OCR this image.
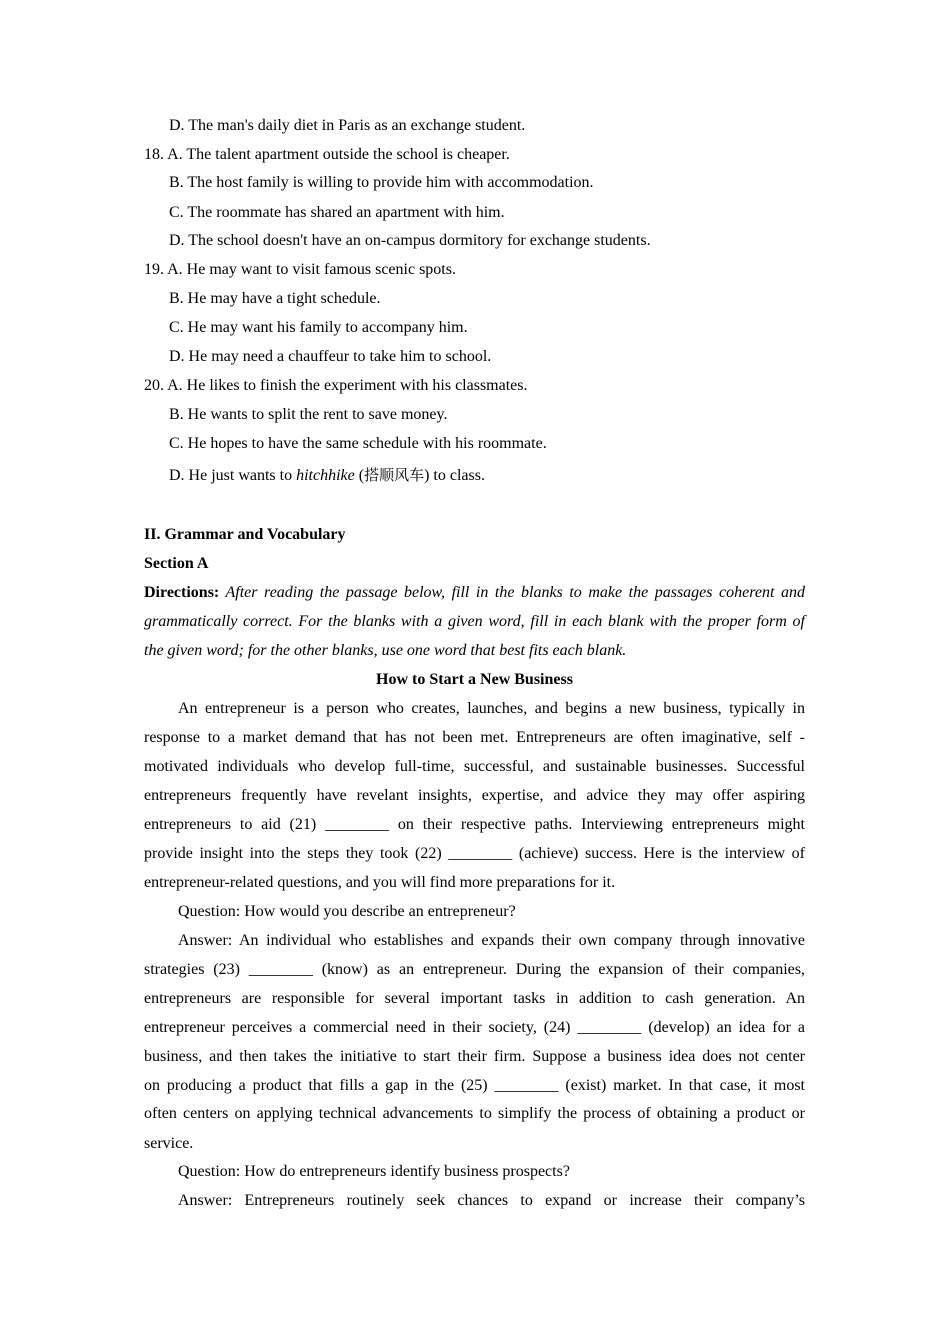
D. The man's daily diet in Paris as an exchange student.
18. A. The talent apartment outside the school is cheaper.
B. The host family is willing to provide him with accommodation.
C. The roommate has shared an apartment with him.
D. The school doesn't have an on-campus dormitory for exchange students.
19. A. He may want to visit famous scenic spots.
B. He may have a tight schedule.
C. He may want his family to accompany him.
D. He may need a chauffeur to take him to school.
20. A. He likes to finish the experiment with his classmates.
B. He wants to split the rent to save money.
C. He hopes to have the same schedule with his roommate.
D. He just wants to hitchhike (搭顺风车) to class.
II. Grammar and Vocabulary
Section A
Directions: After reading the passage below, fill in the blanks to make the passages coherent and
grammatically correct. For the blanks with a given word, fill in each blank with the proper form of
the given word; for the other blanks, use one word that best fits each blank.
How to Start a New Business
An entrepreneur is a person who creates, launches, and begins a new business, typically in
response to a market demand that has not been met. Entrepreneurs are often imaginative, self -
motivated individuals who develop full-time, successful, and sustainable businesses. Successful
entrepreneurs frequently have revelant insights, expertise, and advice they may offer aspiring
entrepreneurs to aid (21) ________ on their respective paths. Interviewing entrepreneurs might
provide insight into the steps they took (22) ________ (achieve) success. Here is the interview of
entrepreneur-related questions, and you will find more preparations for it.
Question: How would you describe an entrepreneur?
Answer: An individual who establishes and expands their own company through innovative
strategies (23) ________ (know) as an entrepreneur. During the expansion of their companies,
entrepreneurs are responsible for several important tasks in addition to cash generation. An
entrepreneur perceives a commercial need in their society, (24) ________ (develop) an idea for a
business, and then takes the initiative to start their firm. Suppose a business idea does not center
on producing a product that fills a gap in the (25) ________ (exist) market. In that case, it most
often centers on applying technical advancements to simplify the process of obtaining a product or
service.
Question: How do entrepreneurs identify business prospects?
Answer: Entrepreneurs routinely seek chances to expand or increase their company’s
